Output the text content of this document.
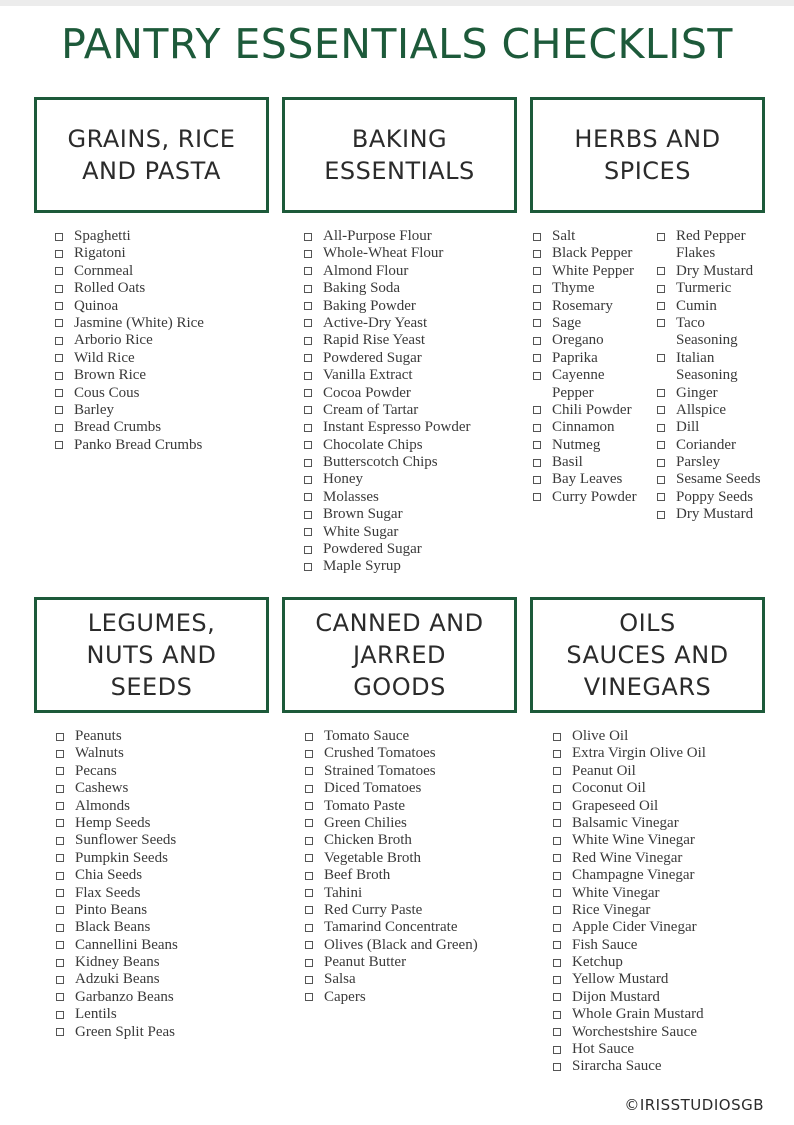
PANTRY ESSENTIALS CHECKLIST
GRAINS, RICE
AND PASTA
Spaghetti
Rigatoni
Cornmeal
Rolled Oats
Quinoa
Jasmine (White) Rice
Arborio Rice
Wild Rice
Brown Rice
Cous Cous
Barley
Bread Crumbs
Panko Bread Crumbs
BAKING
ESSENTIALS
All-Purpose Flour
Whole-Wheat Flour
Almond Flour
Baking Soda
Baking Powder
Active-Dry Yeast
Rapid Rise Yeast
Powdered Sugar
Vanilla Extract
Cocoa Powder
Cream of Tartar
Instant Espresso Powder
Chocolate Chips
Butterscotch Chips
Honey
Molasses
Brown Sugar
White Sugar
Powdered Sugar
Maple Syrup
HERBS AND
SPICES
Salt
Black Pepper
White Pepper
Thyme
Rosemary
Sage
Oregano
Paprika
Cayenne
Pepper
Chili Powder
Cinnamon
Nutmeg
Basil
Bay Leaves
Curry Powder
Red Pepper
Flakes
Dry Mustard
Turmeric
Cumin
Taco
Seasoning
Italian
Seasoning
Ginger
Allspice
Dill
Coriander
Parsley
Sesame Seeds
Poppy Seeds
Dry Mustard
LEGUMES,
NUTS AND
SEEDS
Peanuts
Walnuts
Pecans
Cashews
Almonds
Hemp Seeds
Sunflower Seeds
Pumpkin Seeds
Chia Seeds
Flax Seeds
Pinto Beans
Black Beans
Cannellini Beans
Kidney Beans
Adzuki Beans
Garbanzo Beans
Lentils
Green Split Peas
CANNED AND
JARRED
GOODS
Tomato Sauce
Crushed Tomatoes
Strained Tomatoes
Diced Tomatoes
Tomato Paste
Green Chilies
Chicken Broth
Vegetable Broth
Beef Broth
Tahini
Red Curry Paste
Tamarind Concentrate
Olives (Black and Green)
Peanut Butter
Salsa
Capers
OILS
SAUCES AND
VINEGARS
Olive Oil
Extra Virgin Olive Oil
Peanut Oil
Coconut Oil
Grapeseed Oil
Balsamic Vinegar
White Wine Vinegar
Red Wine Vinegar
Champagne Vinegar
White Vinegar
Rice Vinegar
Apple Cider Vinegar
Fish Sauce
Ketchup
Yellow Mustard
Dijon Mustard
Whole Grain Mustard
Worchestshire Sauce
Hot Sauce
Sirarcha Sauce
©IRISSTUDIOSGB
